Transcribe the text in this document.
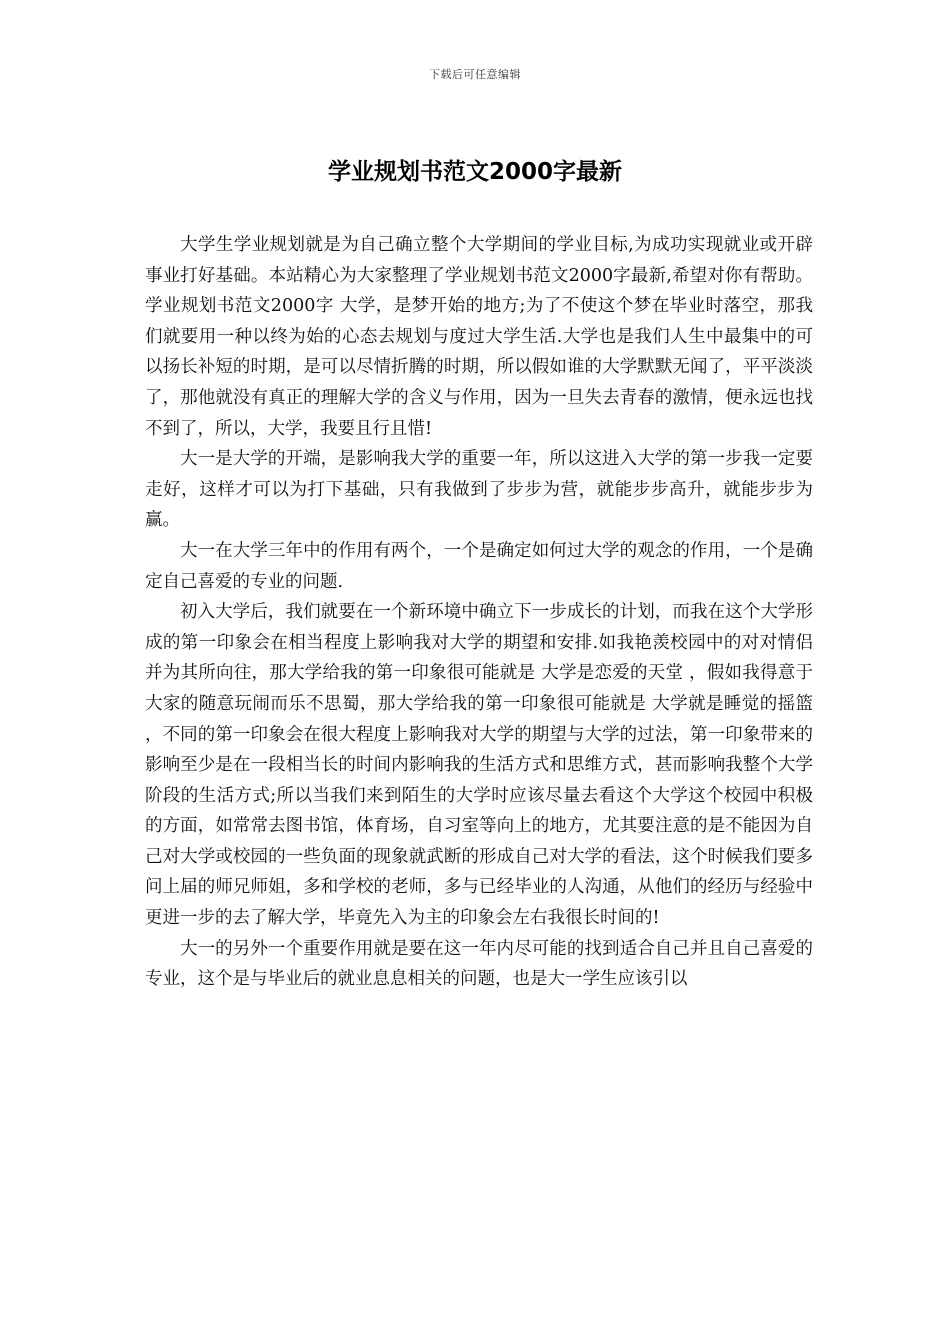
下载后可任意编辑
学业规划书范文2000字最新

大学生学业规划就是为自己确立整个大学期间的学业目标,为成功实现就业或开辟事业打好基础。本站精心为大家整理了学业规划书范文2000字最新,希望对你有帮助。 学业规划书范文2000字 大学，是梦开始的地方;为了不使这个梦在毕业时落空，那我们就要用一种以终为始的心态去规划与度过大学生活.大学也是我们人生中最集中的可以扬长补短的时期，是可以尽情折腾的时期，所以假如谁的大学默默无闻了，平平淡淡了，那他就没有真正的理解大学的含义与作用，因为一旦失去青春的激情，便永远也找不到了，所以，大学，我要且行且惜!

大一是大学的开端，是影响我大学的重要一年，所以这进入大学的第一步我一定要走好，这样才可以为打下基础，只有我做到了步步为营，就能步步高升，就能步步为赢。

大一在大学三年中的作用有两个，一个是确定如何过大学的观念的作用，一个是确定自己喜爱的专业的问题.

初入大学后，我们就要在一个新环境中确立下一步成长的计划，而我在这个大学形成的第一印象会在相当程度上影响我对大学的期望和安排.如我艳羡校园中的对对情侣并为其所向往，那大学给我的第一印象很可能就是 大学是恋爱的天堂 ，假如我得意于大家的随意玩闹而乐不思蜀，那大学给我的第一印象很可能就是 大学就是睡觉的摇篮 ，不同的第一印象会在很大程度上影响我对大学的期望与大学的过法，第一印象带来的影响至少是在一段相当长的时间内影响我的生活方式和思维方式，甚而影响我整个大学阶段的生活方式;所以当我们来到陌生的大学时应该尽量去看这个大学这个校园中积极的方面，如常常去图书馆，体育场，自习室等向上的地方，尤其要注意的是不能因为自己对大学或校园的一些负面的现象就武断的形成自己对大学的看法，这个时候我们要多问上届的师兄师姐，多和学校的老师，多与已经毕业的人沟通，从他们的经历与经验中更进一步的去了解大学，毕竟先入为主的印象会左右我很长时间的!

大一的另外一个重要作用就是要在这一年内尽可能的找到适合自己并且自己喜爱的专业，这个是与毕业后的就业息息相关的问题，也是大一学生应该引以
